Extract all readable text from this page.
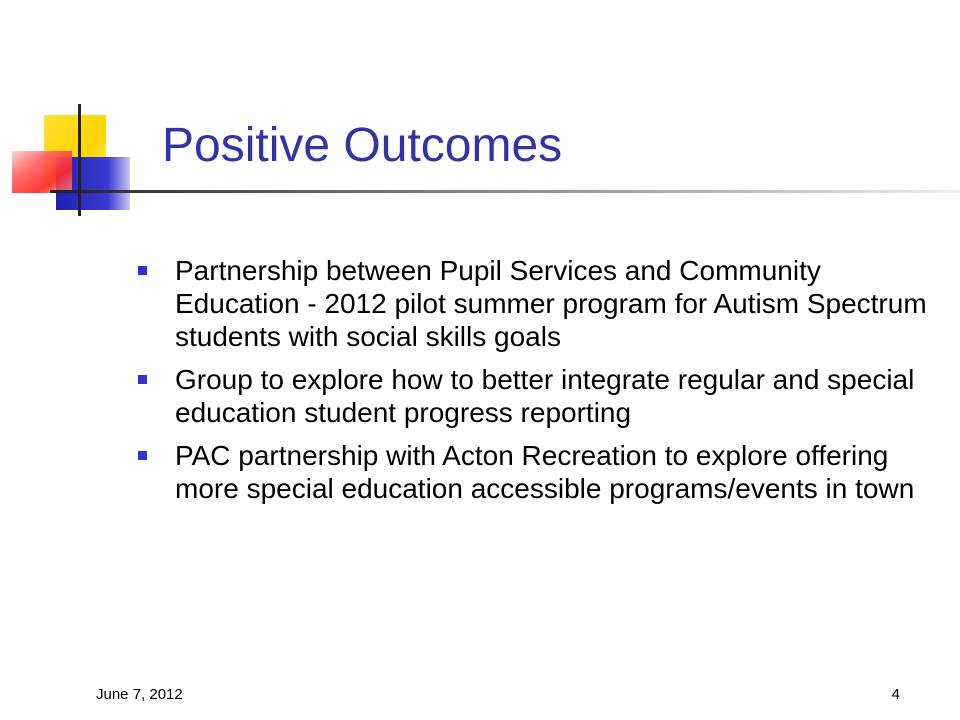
Positive Outcomes
Partnership between Pupil Services and Community Education - 2012 pilot summer program for Autism Spectrum students with social skills goals
Group to explore how to better integrate regular and special education student progress reporting
PAC partnership with Acton Recreation to explore offering more special education accessible programs/events in town
June 7, 2012	4
